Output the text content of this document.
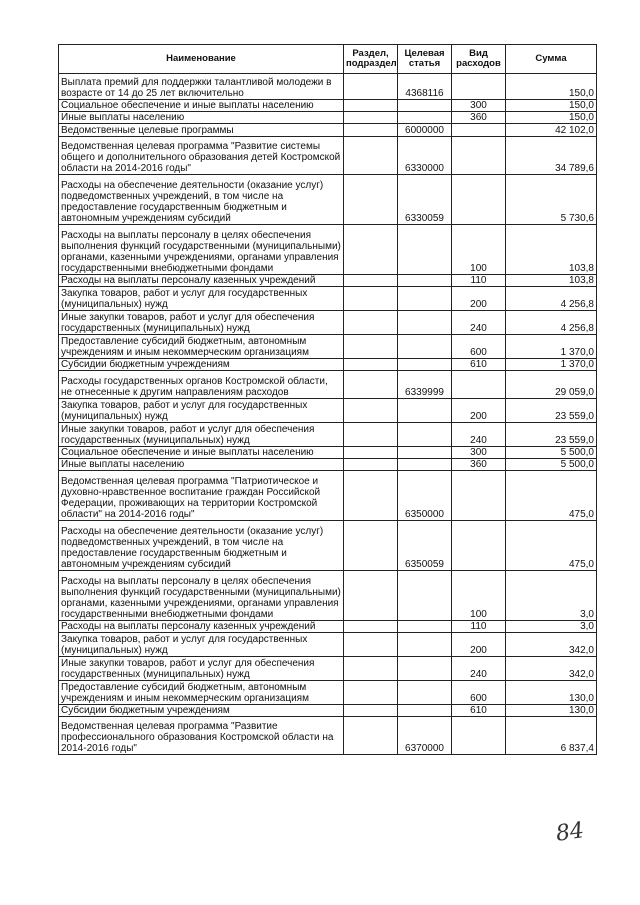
Наименование	Раздел, подраздел	Целевая статья	Вид расходов	Сумма
Выплата премий для поддержки талантливой молодежи в возрасте от 14 до 25 лет включительно		4368116		150,0
Социальное обеспечение и иные выплаты населению			300	150,0
Иные выплаты населению			360	150,0
Ведомственные целевые программы		6000000		42 102,0
Ведомственная целевая программа "Развитие системы общего и дополнительного образования детей Костромской области на 2014-2016 годы"		6330000		34 789,6
Расходы на обеспечение деятельности (оказание услуг) подведомственных учреждений, в том числе на предоставление государственным бюджетным и автономным учреждениям субсидий		6330059		5 730,6
Расходы на выплаты персоналу в целях обеспечения выполнения функций государственными (муниципальными) органами, казенными учреждениями, органами управления государственными внебюджетными фондами			100	103,8
Расходы на выплаты персоналу казенных учреждений			110	103,8
Закупка товаров, работ и услуг для государственных (муниципальных) нужд			200	4 256,8
Иные закупки товаров, работ и услуг для обеспечения государственных (муниципальных) нужд			240	4 256,8
Предоставление субсидий бюджетным, автономным учреждениям и иным некоммерческим организациям			600	1 370,0
Субсидии бюджетным учреждениям			610	1 370,0
Расходы государственных органов Костромской области, не отнесенные к другим направлениям расходов		6339999		29 059,0
Закупка товаров, работ и услуг для государственных (муниципальных) нужд			200	23 559,0
Иные закупки товаров, работ и услуг для обеспечения государственных (муниципальных) нужд			240	23 559,0
Социальное обеспечение и иные выплаты населению			300	5 500,0
Иные выплаты населению			360	5 500,0
Ведомственная целевая программа "Патриотическое и духовно-нравственное воспитание граждан Российской Федерации, проживающих на территории Костромской области" на 2014-2016 годы"		6350000		475,0
Расходы на обеспечение деятельности (оказание услуг) подведомственных учреждений, в том числе на предоставление государственным бюджетным и автономным учреждениям субсидий		6350059		475,0
Расходы на выплаты персоналу в целях обеспечения выполнения функций государственными (муниципальными) органами, казенными учреждениями, органами управления государственными внебюджетными фондами			100	3,0
Расходы на выплаты персоналу казенных учреждений			110	3,0
Закупка товаров, работ и услуг для государственных (муниципальных) нужд			200	342,0
Иные закупки товаров, работ и услуг для обеспечения государственных (муниципальных) нужд			240	342,0
Предоставление субсидий бюджетным, автономным учреждениям и иным некоммерческим организациям			600	130,0
Субсидии бюджетным учреждениям			610	130,0
Ведомственная целевая программа "Развитие профессионального образования Костромской области на 2014-2016 годы"		6370000		6 837,4
84
